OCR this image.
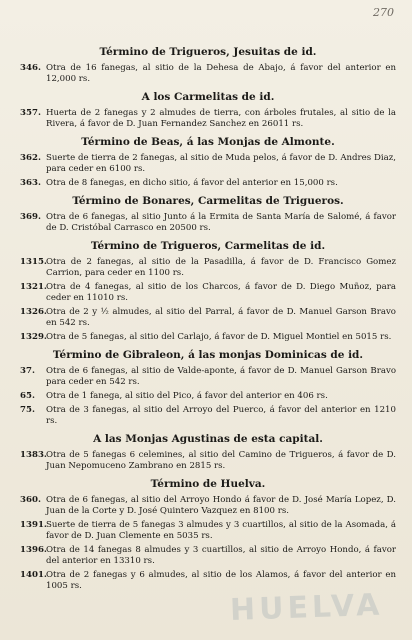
270
Término de Trigueros, Jesuitas de id.
346. Otra de 16 fanegas, al sitio de la Dehesa de Abajo, á favor del anterior en 12,000 rs.
A los Carmelitas de id.
357. Huerta de 2 fanegas y 2 almudes de tierra, con árboles frutales, al sitio de la Rivera, á favor de D. Juan Fernandez Sanchez en 26011 rs.
Término de Beas, á las Monjas de Almonte.
362. Suerte de tierra de 2 fanegas, al sitio de Muda pelos, á favor de D. Andres Diaz, para ceder en 6100 rs.
363. Otra de 8 fanegas, en dicho sitio, á favor del anterior en 15,000 rs.
Término de Bonares, Carmelitas de Trigueros.
369. Otra de 6 fanegas, al sitio Junto á la Ermita de Santa María de Salomé, á favor de D. Cristóbal Carrasco en 20500 rs.
Término de Trigueros, Carmelitas de id.
1315. Otra de 2 fanegas, al sitio de la Pasadilla, á favor de D. Francisco Gomez Carrion, para ceder en 1100 rs.
1321. Otra de 4 fanegas, al sitio de los Charcos, á favor de D. Diego Muñoz, para ceder en 11010 rs.
1326. Otra de 2 y ½ almudes, al sitio del Parral, á favor de D. Manuel Garson Bravo en 542 rs.
1329. Otra de 5 fanegas, al sitio del Carlajo, á favor de D. Miguel Montiel en 5015 rs.
Término de Gibraleon, á las monjas Dominicas de id.
37.	Otra de 6 fanegas, al sitio de Valde-aponte, á favor de D. Manuel Garson Bravo para ceder en 542 rs.
65.	Otra de 1 fanega, al sitio del Pico, á favor del anterior en 406 rs.
75.	Otra de 3 fanegas, al sitio del Arroyo del Puerco, á favor del anterior en 1210 rs.
A las Monjas Agustinas de esta capital.
1383. Otra de 5 fanegas 6 celemines, al sitio del Camino de Trigueros, á favor de D. Juan Nepomuceno Zambrano en 2815 rs.
Término de Huelva.
360. Otra de 6 fanegas, al sitio del Arroyo Hondo á favor de D. José María Lopez, D. Juan de la Corte y D. José Quintero Vazquez en 8100 rs.
1391. Suerte de tierra de 5 fanegas 3 almudes y 3 cuartillos, al sitio de la Asomada, á favor de D. Juan Clemente en 5035 rs.
1396. Otra de 14 fanegas 8 almudes y 3 cuartillos, al sitio de Arroyo Hondo, á favor del anterior en 13310 rs.
1401. Otra de 2 fanegas y 6 almudes, al sitio de los Alamos, á favor del anterior en 1005 rs.
HUELVA
